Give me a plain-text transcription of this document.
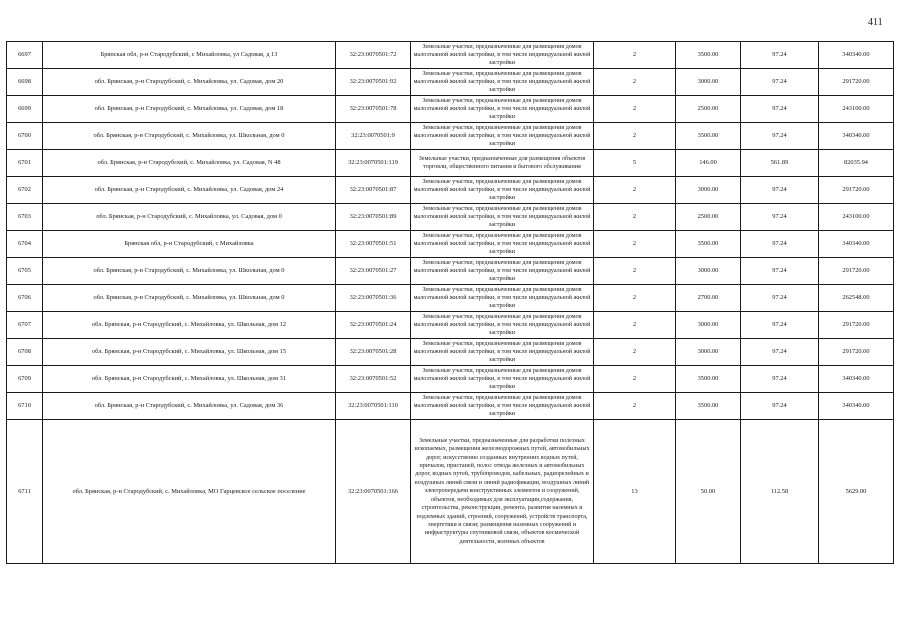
411
6697	Брянская обл, р-н Стародубский, с Михайловка, ул Садовая, д 13	32:23:0070501:72	Земельные участки, предназначенные для размещения домов малоэтажной жилой застройки, в том числе индивидуальной жилой застройки	2	3500.00	97.24	340340.00
6698	обл. Брянская, р-н Стародубский, с. Михайловка, ул. Садовая, дом 20	32:23:0070501:92	Земельные участки, предназначенные для размещения домов малоэтажной жилой застройки, в том числе индивидуальной жилой застройки	2	3000.00	97.24	291720.00
6699	обл. Брянская, р-н Стародубский, с. Михайловка, ул. Садовая, дом 18	32:23:0070501:78	Земельные участки, предназначенные для размещения домов малоэтажной жилой застройки, в том числе индивидуальной жилой застройки	2	2500.00	97.24	243100.00
6700	обл. Брянская, р-н Стародубский, с. Михайловка, ул. Школьная, дом 0	32:23:0070501:9	Земельные участки, предназначенные для размещения домов малоэтажной жилой застройки, в том числе индивидуальной жилой застройки	2	3500.00	97.24	340340.00
6701	обл. Брянская, р-н Стародубский, с. Михайловка, ул. Садовая, N 48	32:23:0070501:119	Земельные участки, предназначенные для размещения объектов торговли, общественного питания и бытового обслуживания	5	146.00	561.89	82035.94
6702	обл. Брянская, р-н Стародубский, с. Михайловка, ул. Садовая, дом 24	32:23:0070501:87	Земельные участки, предназначенные для размещения домов малоэтажной жилой застройки, в том числе индивидуальной жилой застройки	2	3000.00	97.24	291720.00
6703	обл. Брянская, р-н Стародубский, с. Михайловка, ул. Садовая, дом 0	32:23:0070501:89	Земельные участки, предназначенные для размещения домов малоэтажной жилой застройки, в том числе индивидуальной жилой застройки	2	2500.00	97.24	243100.00
6704	Брянская обл, р-н Стародубский, с Михайловка	32:23:0070501:51	Земельные участки, предназначенные для размещения домов малоэтажной жилой застройки, в том числе индивидуальной жилой застройки	2	3500.00	97.24	340340.00
6705	обл. Брянская, р-н Стародубский, с. Михайловка, ул. Школьная, дом 0	32:23:0070501:27	Земельные участки, предназначенные для размещения домов малоэтажной жилой застройки, в том числе индивидуальной жилой застройки	2	3000.00	97.24	291720.00
6706	обл. Брянская, р-н Стародубский, с. Михайловка, ул. Школьная, дом 0	32:23:0070501:36	Земельные участки, предназначенные для размещения домов малоэтажной жилой застройки, в том числе индивидуальной жилой застройки	2	2700.00	97.24	262548.00
6707	обл. Брянская, р-н Стародубский, с. Михайловка, ул. Школьная, дом 12	32:23:0070501:24	Земельные участки, предназначенные для размещения домов малоэтажной жилой застройки, в том числе индивидуальной жилой застройки	2	3000.00	97.24	291720.00
6708	обл. Брянская, р-н Стародубский, с. Михайловка, ул. Школьная, дом 15	32:23:0070501:28	Земельные участки, предназначенные для размещения домов малоэтажной жилой застройки, в том числе индивидуальной жилой застройки	2	3000.00	97.24	291720.00
6709	обл. Брянская, р-н Стародубский, с. Михайловка, ул. Школьная, дом 31	32:23:0070501:52	Земельные участки, предназначенные для размещения домов малоэтажной жилой застройки, в том числе индивидуальной жилой застройки	2	3500.00	97.24	340340.00
6710	обл. Брянская, р-н Стародубский, с. Михайловка, ул. Садовая, дом 36	32:23:0070501:110	Земельные участки, предназначенные для размещения домов малоэтажной жилой застройки, в том числе индивидуальной жилой застройки	2	3500.00	97.24	340340.00
6711	обл. Брянская, р-н Стародубский, с. Михайловка, МО Гарцевское сельское поселение	32:23:0070501:166	Земельные участки, предназначенные для разработки полезных ископаемых, размещения железнодорожных путей, автомобильных дорог, искусственно созданных внутренних водных путей, причалов, пристаней, полос отвода железных и автомобильных дорог, водных путей, трубопроводов, кабельных, радиорелейных и воздушных линий связи и линий радиофикации, воздушных линий электропередачи конструктивных элементов и сооружений, объектов, необходимых для эксплуатации,содержания, строительства, реконструкции, ремонта, развития наземных и подземных зданий, строений, сооружений, устройств транспорта, энергетики и связи; размещения наземных сооружений и инфраструктуры спутниковой связи, объектов космической деятельности, военных объектов	13	50.00	112.58	5629.00
